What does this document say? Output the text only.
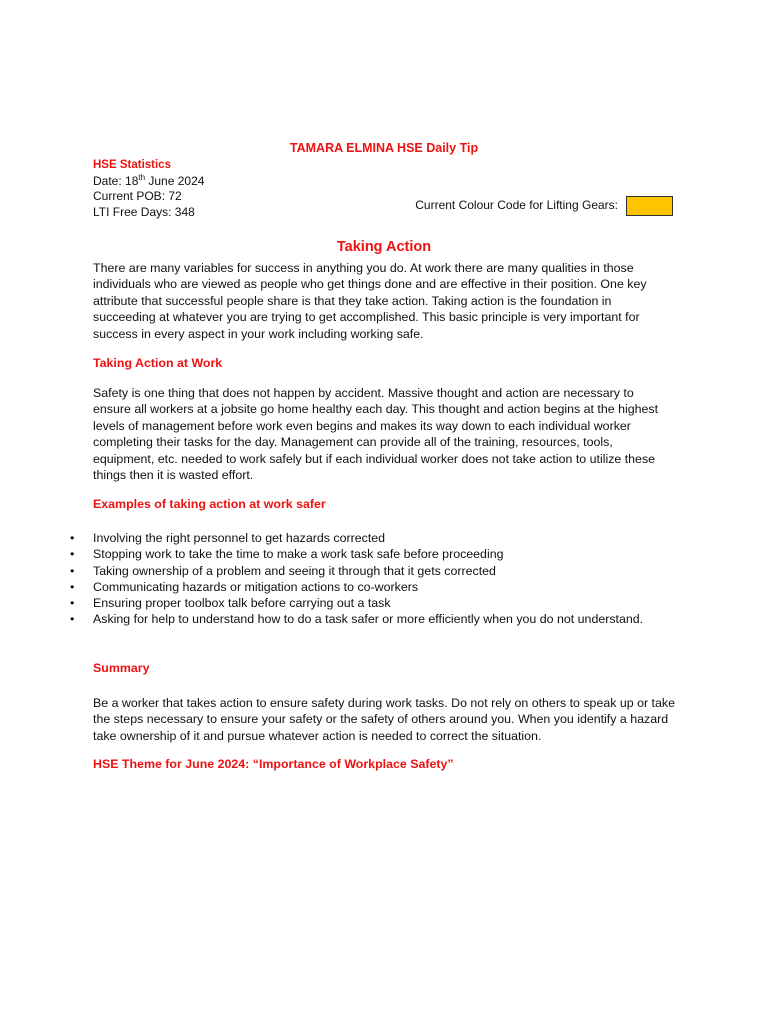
TAMARA ELMINA HSE Daily Tip
HSE Statistics
Date: 18th June 2024
Current POB: 72
LTI Free Days: 348	Current Colour Code for Lifting Gears:
Taking Action

There are many variables for success in anything you do. At work there are many qualities in those individuals who are viewed as people who get things done and are effective in their position. One key attribute that successful people share is that they take action. Taking action is the foundation in succeeding at whatever you are trying to get accomplished. This basic principle is very important for success in every aspect in your work including working safe.

Taking Action at Work

Safety is one thing that does not happen by accident. Massive thought and action are necessary to ensure all workers at a jobsite go home healthy each day. This thought and action begins at the highest levels of management before work even begins and makes its way down to each individual worker completing their tasks for the day. Management can provide all of the training, resources, tools, equipment, etc. needed to work safely but if each individual worker does not take action to utilize these things then it is wasted effort.

Examples of taking action at work safer

•	Involving the right personnel to get hazards corrected
•	Stopping work to take the time to make a work task safe before proceeding
•	Taking ownership of a problem and seeing it through that it gets corrected
•	Communicating hazards or mitigation actions to co-workers
•	Ensuring proper toolbox talk before carrying out a task
•	Asking for help to understand how to do a task safer or more efficiently when you do not understand.

Summary

Be a worker that takes action to ensure safety during work tasks. Do not rely on others to speak up or take the steps necessary to ensure your safety or the safety of others around you. When you identify a hazard take ownership of it and pursue whatever action is needed to correct the situation.

HSE Theme for June 2024: “Importance of Workplace Safety”
